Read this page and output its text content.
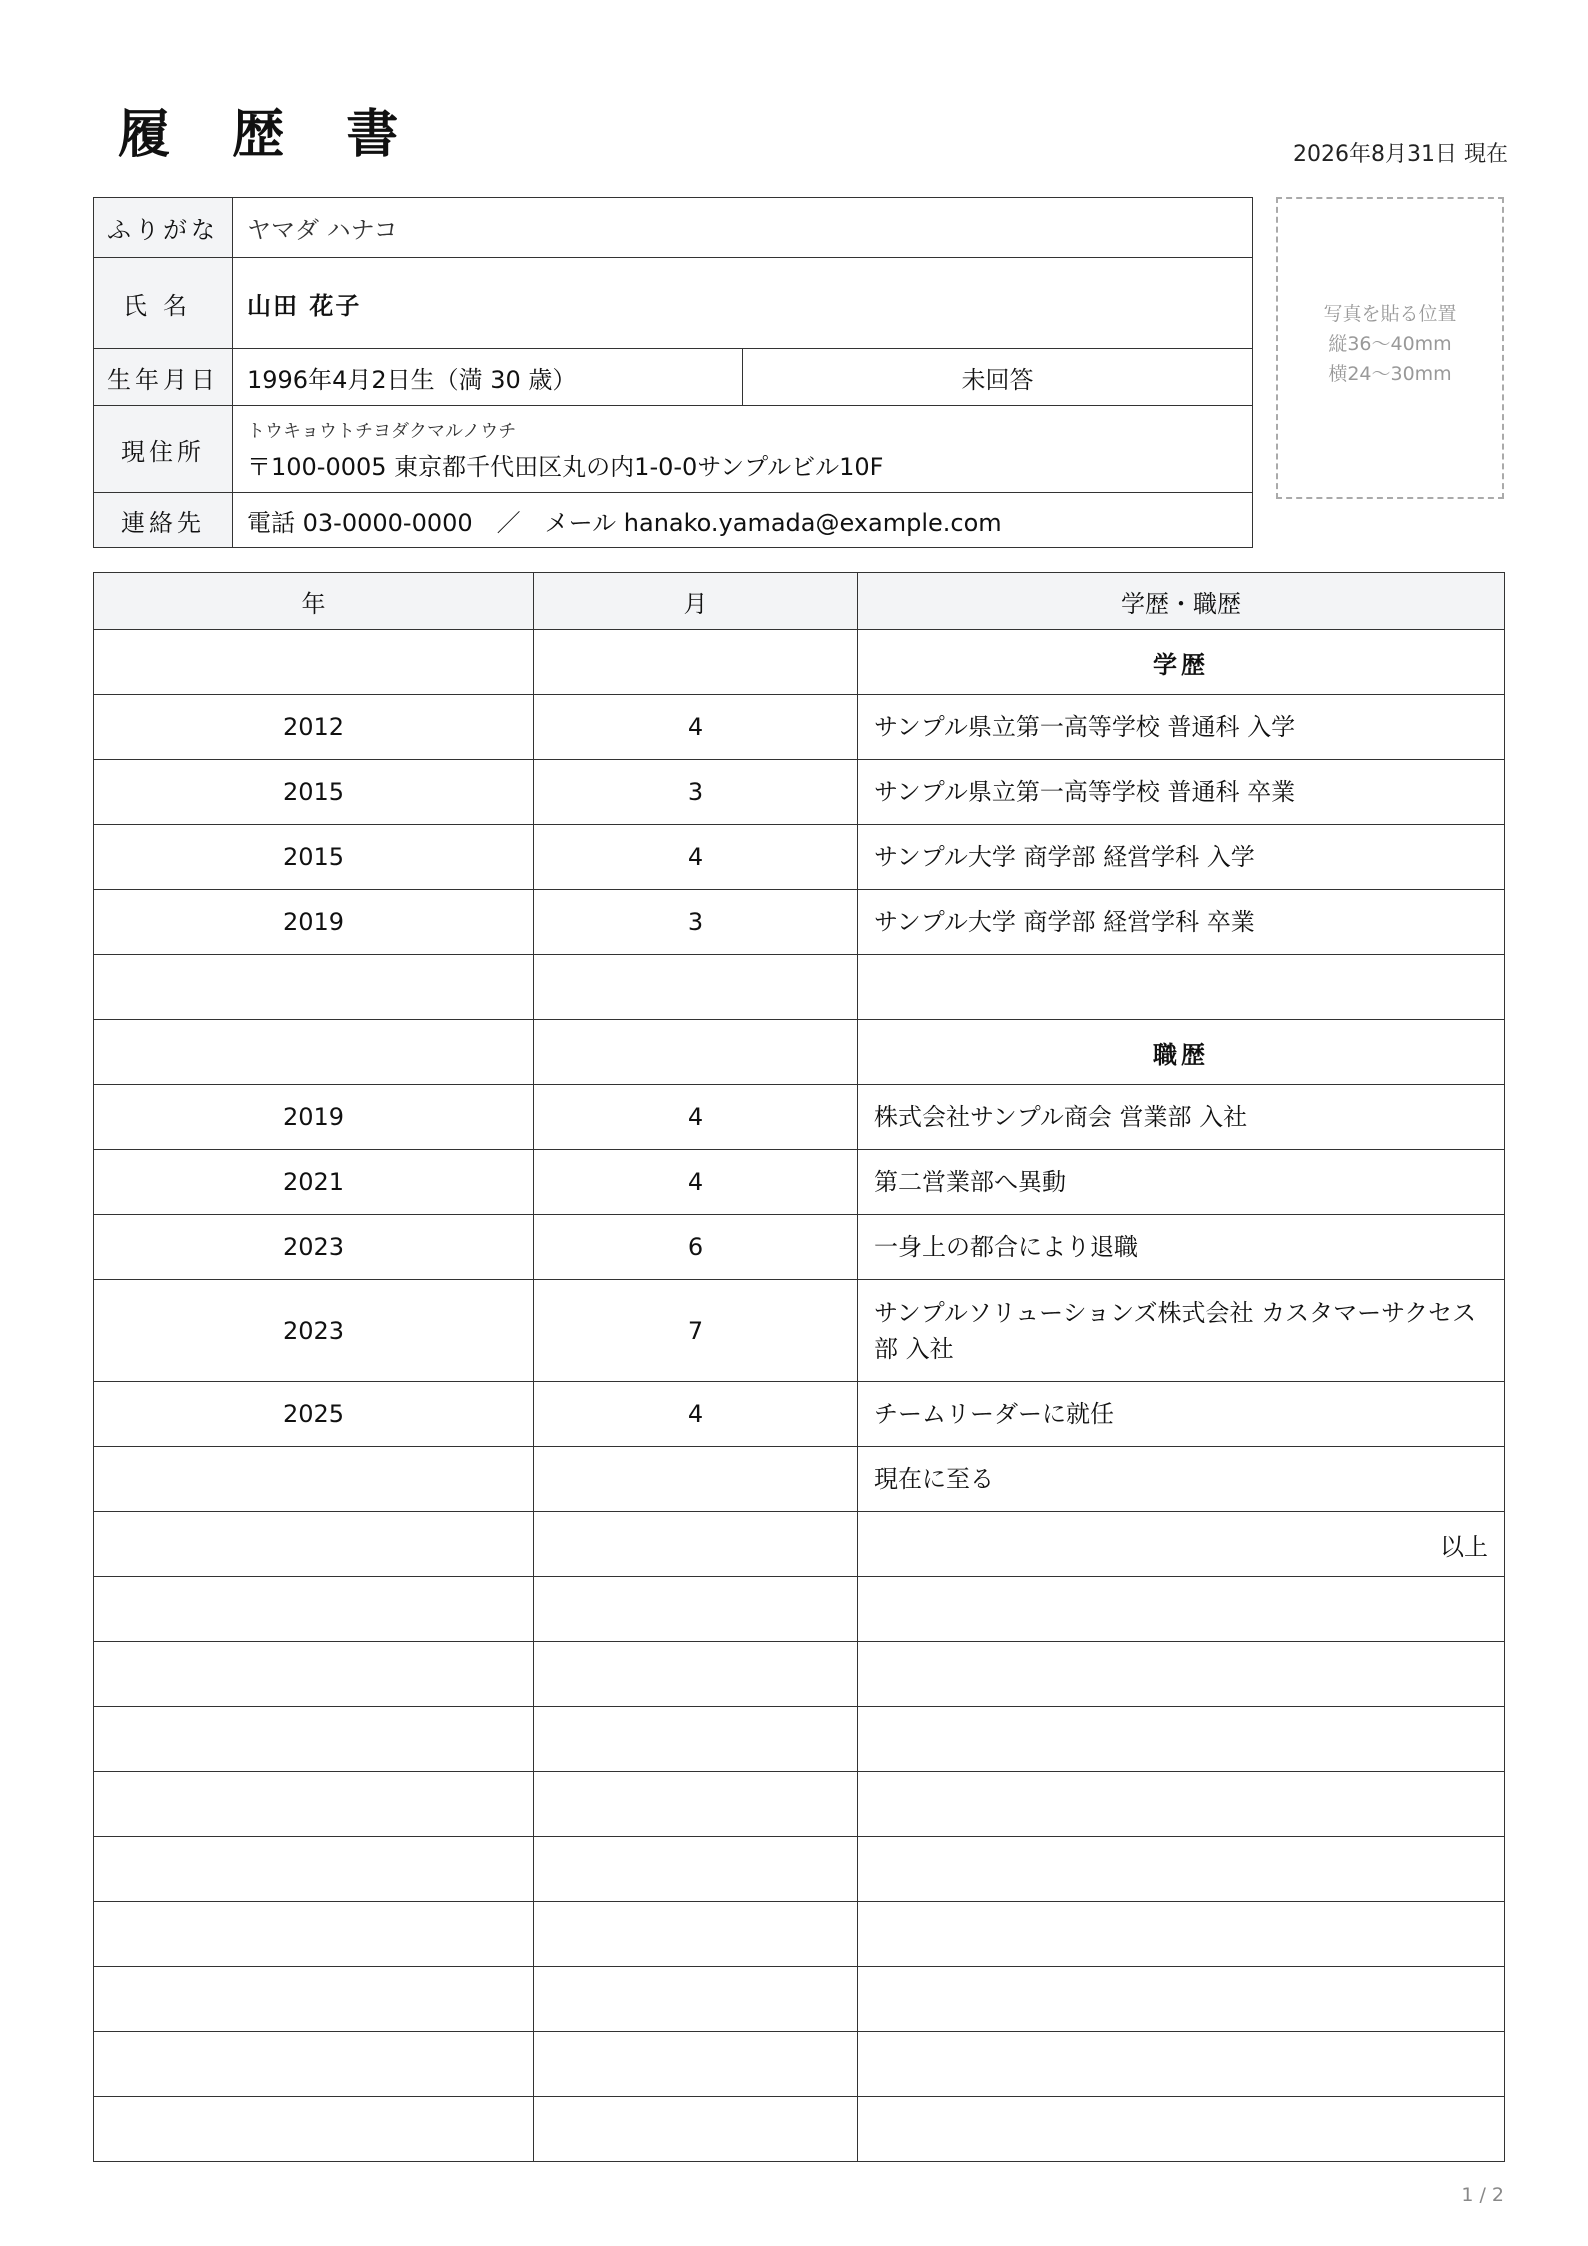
履 歴 書	2026年8月31日 現在
ふりがな	ヤマダ ハナコ	
氏名	山田 花子	
生年月日	1996年4月2日生（満 30 歳）	未回答
現住所	トウキョウトチヨダクマルノウチ
〒100-0005 東京都千代田区丸の内1-0-0サンプルビル10F	
連絡先	電話 03-0000-0000　／　メール hanako.yamada@example.com	
写真を貼る位置
縦36〜40mm
横24〜30mm
年	月	学歴・職歴
		学歴
2012	4	サンプル県立第一高等学校 普通科 入学
2015	3	サンプル県立第一高等学校 普通科 卒業
2015	4	サンプル大学 商学部 経営学科 入学
2019	3	サンプル大学 商学部 経営学科 卒業

		職歴
2019	4	株式会社サンプル商会 営業部 入社
2021	4	第二営業部へ異動
2023	6	一身上の都合により退職
2023	7	サンプルソリューションズ株式会社 カスタマーサクセス部 入社
2025	4	チームリーダーに就任
		現在に至る
		以上

1 / 2
